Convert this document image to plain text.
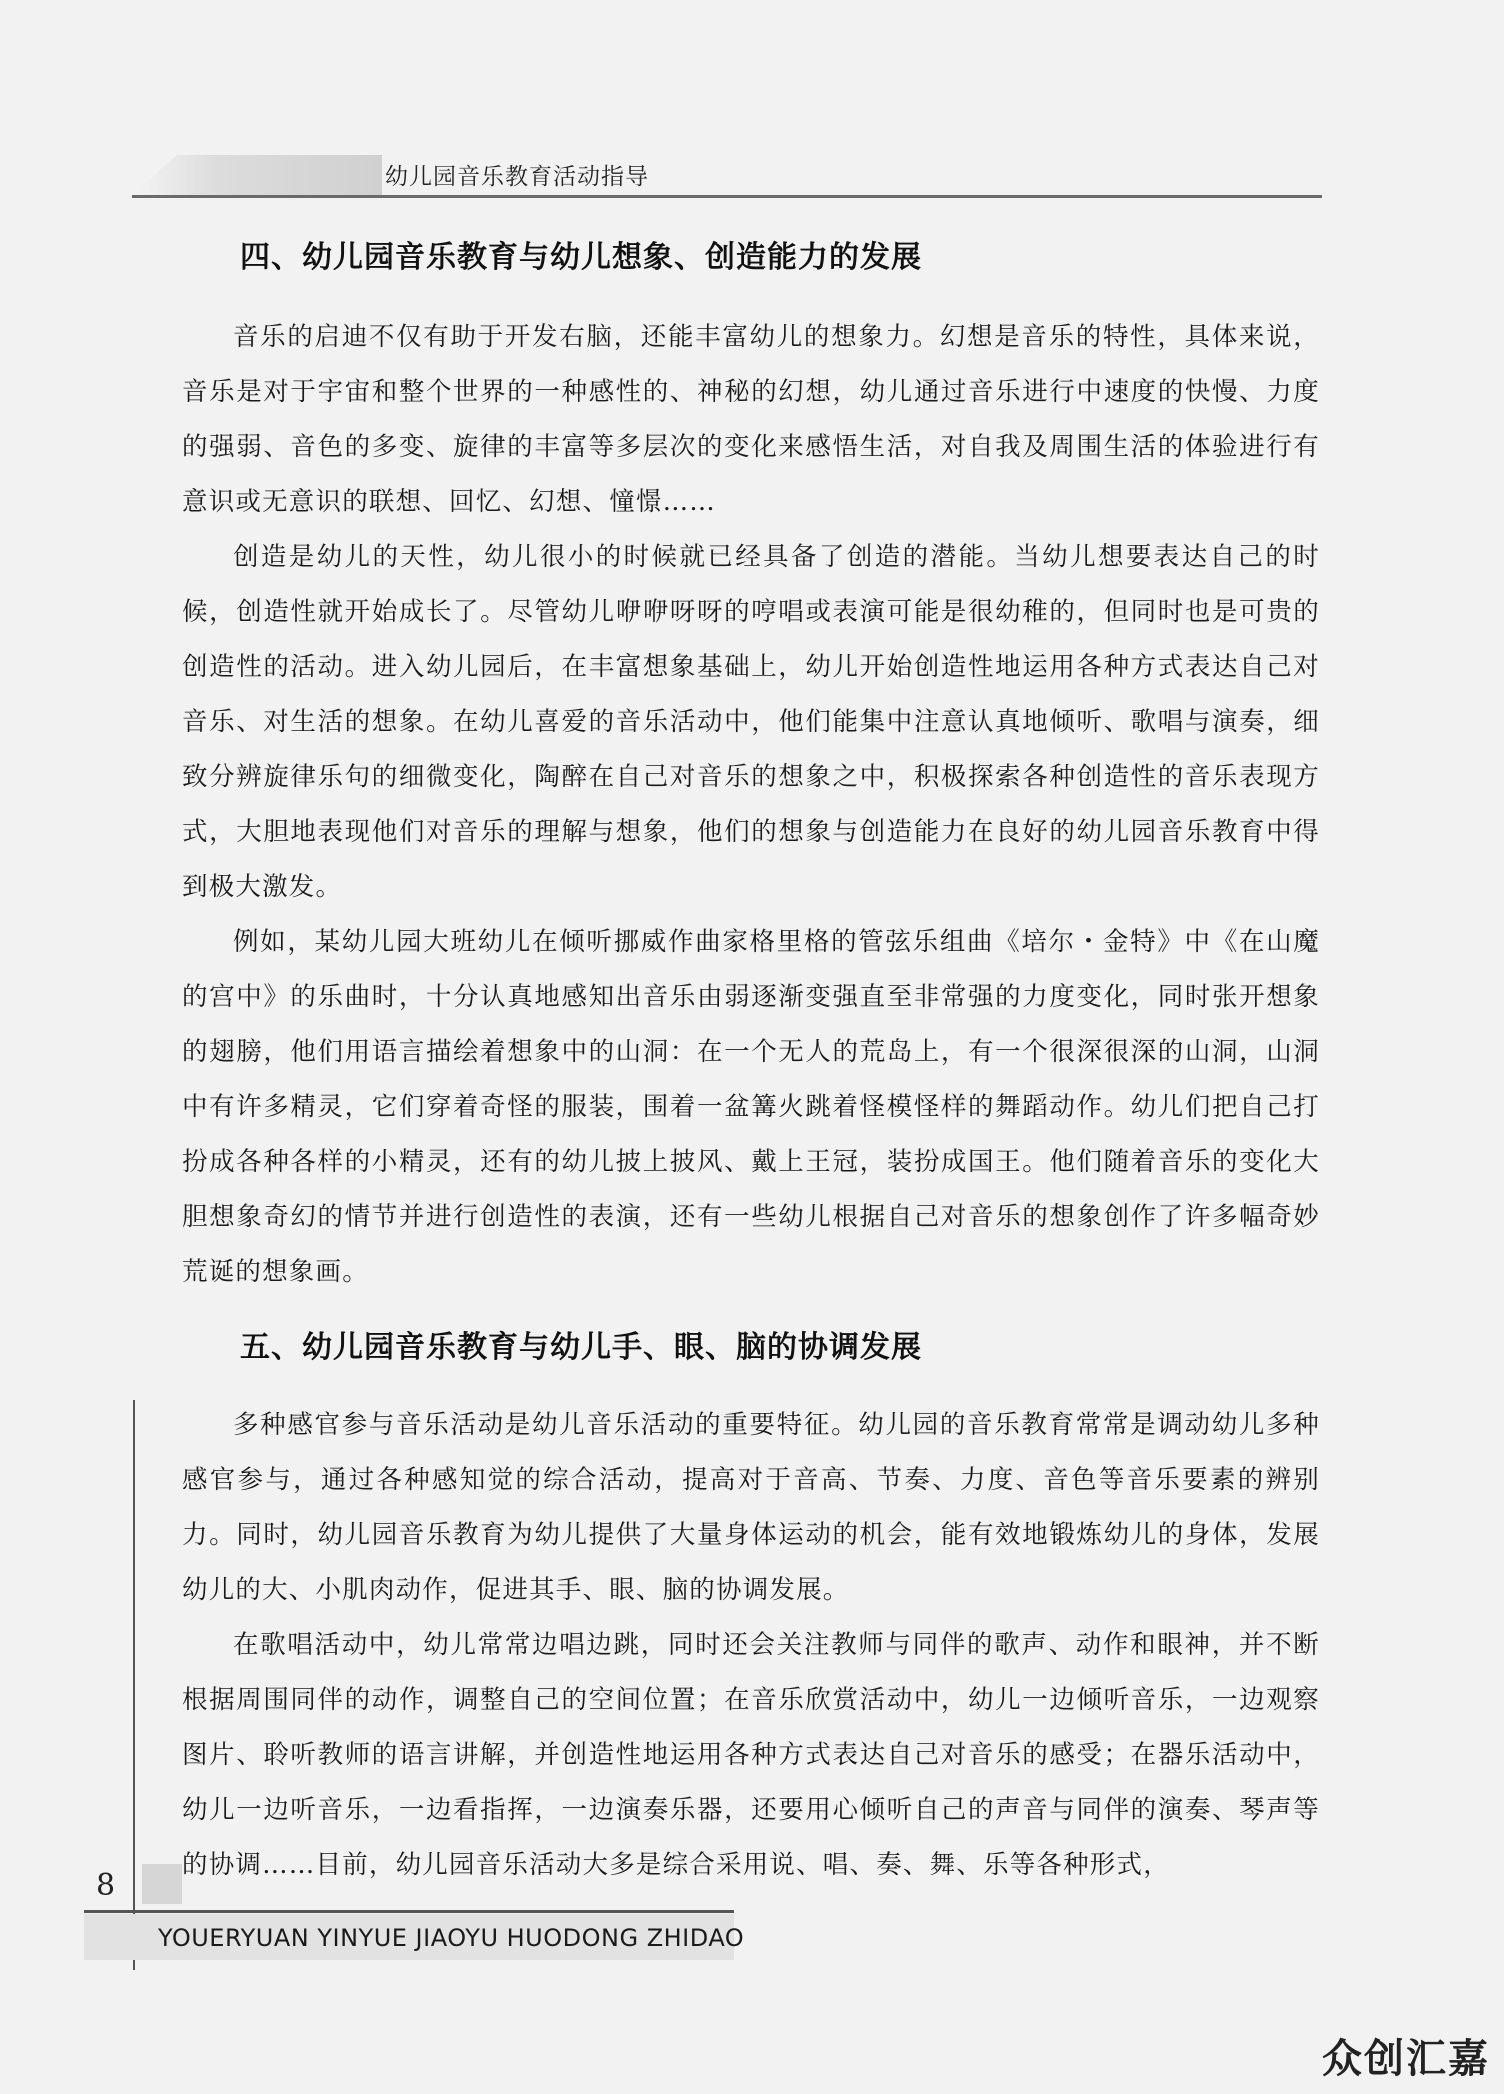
幼儿园音乐教育活动指导
四、幼儿园音乐教育与幼儿想象、创造能力的发展

音乐的启迪不仅有助于开发右脑，还能丰富幼儿的想象力。幻想是音乐的特性，具体来说，音乐是对于宇宙和整个世界的一种感性的、神秘的幻想，幼儿通过音乐进行中速度的快慢、力度的强弱、音色的多变、旋律的丰富等多层次的变化来感悟生活，对自我及周围生活的体验进行有意识或无意识的联想、回忆、幻想、憧憬……

创造是幼儿的天性，幼儿很小的时候就已经具备了创造的潜能。当幼儿想要表达自己的时候，创造性就开始成长了。尽管幼儿咿咿呀呀的哼唱或表演可能是很幼稚的，但同时也是可贵的创造性的活动。进入幼儿园后，在丰富想象基础上，幼儿开始创造性地运用各种方式表达自己对音乐、对生活的想象。在幼儿喜爱的音乐活动中，他们能集中注意认真地倾听、歌唱与演奏，细致分辨旋律乐句的细微变化，陶醉在自己对音乐的想象之中，积极探索各种创造性的音乐表现方式，大胆地表现他们对音乐的理解与想象，他们的想象与创造能力在良好的幼儿园音乐教育中得到极大激发。

例如，某幼儿园大班幼儿在倾听挪威作曲家格里格的管弦乐组曲《培尔・金特》中《在山魔的宫中》的乐曲时，十分认真地感知出音乐由弱逐渐变强直至非常强的力度变化，同时张开想象的翅膀，他们用语言描绘着想象中的山洞：在一个无人的荒岛上，有一个很深很深的山洞，山洞中有许多精灵，它们穿着奇怪的服装，围着一盆篝火跳着怪模怪样的舞蹈动作。幼儿们把自己打扮成各种各样的小精灵，还有的幼儿披上披风、戴上王冠，装扮成国王。他们随着音乐的变化大胆想象奇幻的情节并进行创造性的表演，还有一些幼儿根据自己对音乐的想象创作了许多幅奇妙荒诞的想象画。

五、幼儿园音乐教育与幼儿手、眼、脑的协调发展

多种感官参与音乐活动是幼儿音乐活动的重要特征。幼儿园的音乐教育常常是调动幼儿多种感官参与，通过各种感知觉的综合活动，提高对于音高、节奏、力度、音色等音乐要素的辨别力。同时，幼儿园音乐教育为幼儿提供了大量身体运动的机会，能有效地锻炼幼儿的身体，发展幼儿的大、小肌肉动作，促进其手、眼、脑的协调发展。

在歌唱活动中，幼儿常常边唱边跳，同时还会关注教师与同伴的歌声、动作和眼神，并不断根据周围同伴的动作，调整自己的空间位置；在音乐欣赏活动中，幼儿一边倾听音乐，一边观察图片、聆听教师的语言讲解，并创造性地运用各种方式表达自己对音乐的感受；在器乐活动中，幼儿一边听音乐，一边看指挥，一边演奏乐器，还要用心倾听自己的声音与同伴的演奏、琴声等的协调……目前，幼儿园音乐活动大多是综合采用说、唱、奏、舞、乐等各种形式，

8
YOUERYUAN YINYUE JIAOYU HUODONG ZHIDAO
众创汇嘉
